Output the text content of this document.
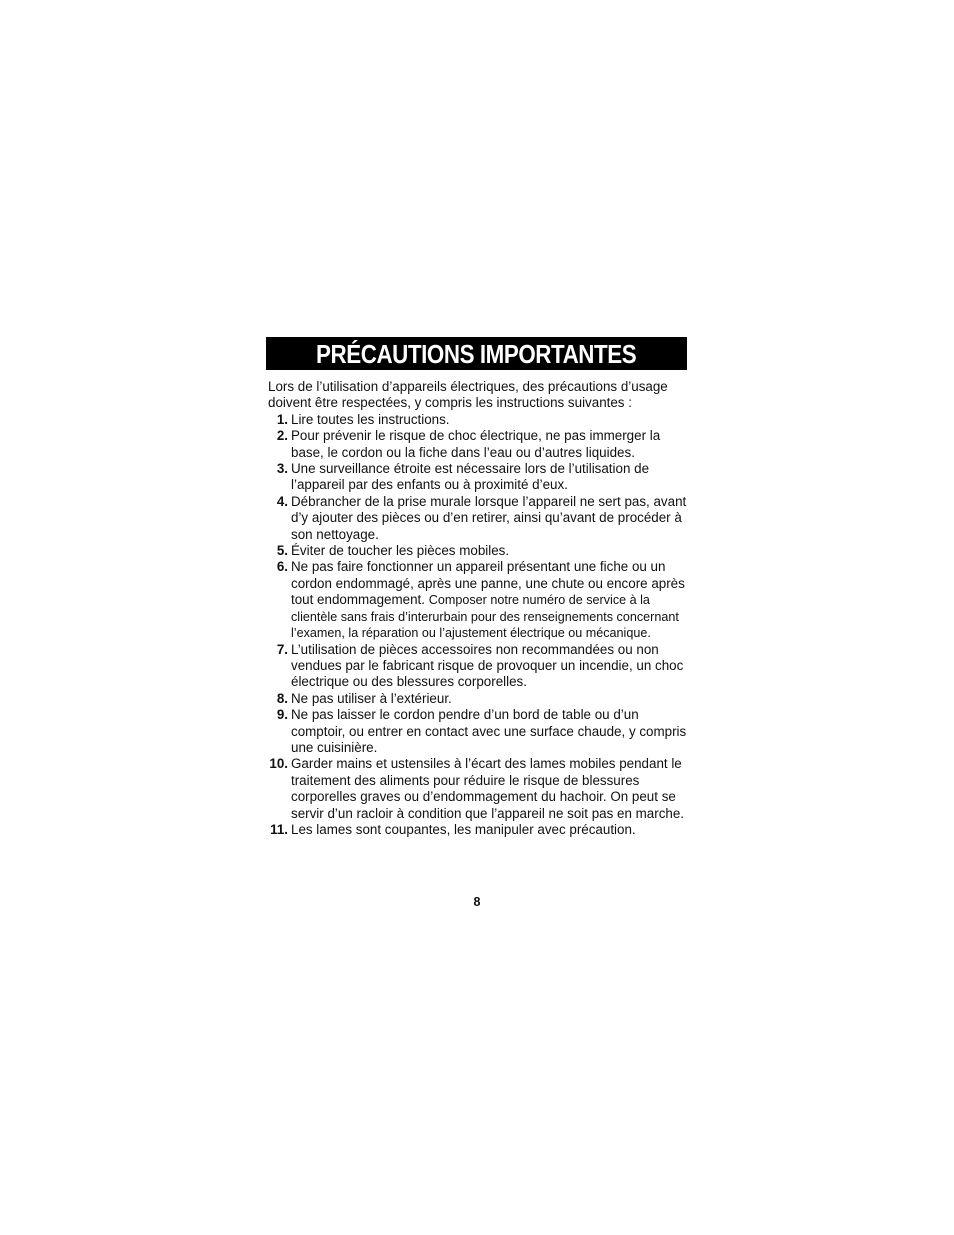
PRÉCAUTIONS IMPORTANTES
Lors de l’utilisation d’appareils électriques, des précautions d’usage doivent être respectées, y compris les instructions suivantes :
1. Lire toutes les instructions.
2. Pour prévenir le risque de choc électrique, ne pas immerger la base, le cordon ou la fiche dans l’eau ou d’autres liquides.
3. Une surveillance étroite est nécessaire lors de l’utilisation de l’appareil par des enfants ou à proximité d’eux.
4. Débrancher de la prise murale lorsque l’appareil ne sert pas, avant d’y ajouter des pièces ou d’en retirer, ainsi qu’avant de procéder à son nettoyage.
5. Éviter de toucher les pièces mobiles.
6. Ne pas faire fonctionner un appareil présentant une fiche ou un cordon endommagé, après une panne, une chute ou encore après tout endommagement. Composer notre numéro de service à la clientèle sans frais d’interurbain pour des renseignements concernant l’examen, la réparation ou l’ajustement électrique ou mécanique.
7. L’utilisation de pièces accessoires non recommandées ou non vendues par le fabricant risque de provoquer un incendie, un choc électrique ou des blessures corporelles.
8. Ne pas utiliser à l’extérieur.
9. Ne pas laisser le cordon pendre d’un bord de table ou d’un comptoir, ou entrer en contact avec une surface chaude, y compris une cuisinière.
10. Garder mains et ustensiles à l’écart des lames mobiles pendant le traitement des aliments pour réduire le risque de blessures corporelles graves ou d’endommagement du hachoir. On peut se servir d’un racloir à condition que l’appareil ne soit pas en marche.
11. Les lames sont coupantes, les manipuler avec précaution.
8
